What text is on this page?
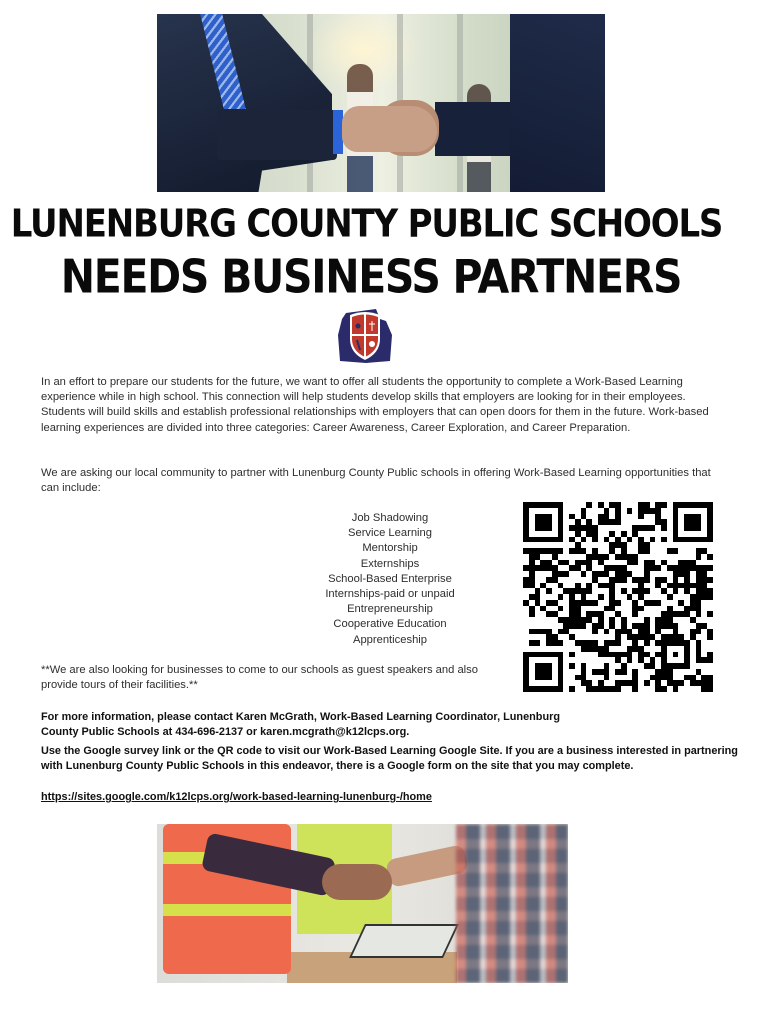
LUNENBURG COUNTY PUBLIC SCHOOLS
NEEDS BUSINESS PARTNERS
In an effort to prepare our students for the future, we want to offer all students the opportunity to complete a Work-Based Learning experience while in high school. This connection will help students develop skills that employers are looking for in their employees. Students will build skills and establish professional relationships with employers that can open doors for them in the future. Work-based learning experiences are divided into three categories: Career Awareness, Career Exploration, and Career Preparation.
We are asking our local community to partner with Lunenburg County Public schools in offering Work-Based Learning opportunities that can include:
Job Shadowing
Service Learning
Mentorship
Externships
School-Based Enterprise
Internships-paid or unpaid
Entrepreneurship
Cooperative Education
Apprenticeship
**We are also looking for businesses to come to our schools as guest speakers and also provide tours of their facilities.**
For more information, please contact Karen McGrath, Work-Based Learning Coordinator, Lunenburg County Public Schools at 434-696-2137 or karen.mcgrath@k12lcps.org.
Use the Google survey link or the QR code to visit our Work-Based Learning Google Site. If you are a business interested in partnering with Lunenburg County Public Schools in this endeavor, there is a Google form on the site that you may complete.
https://sites.google.com/k12lcps.org/work-based-learning-lunenburg-/home
